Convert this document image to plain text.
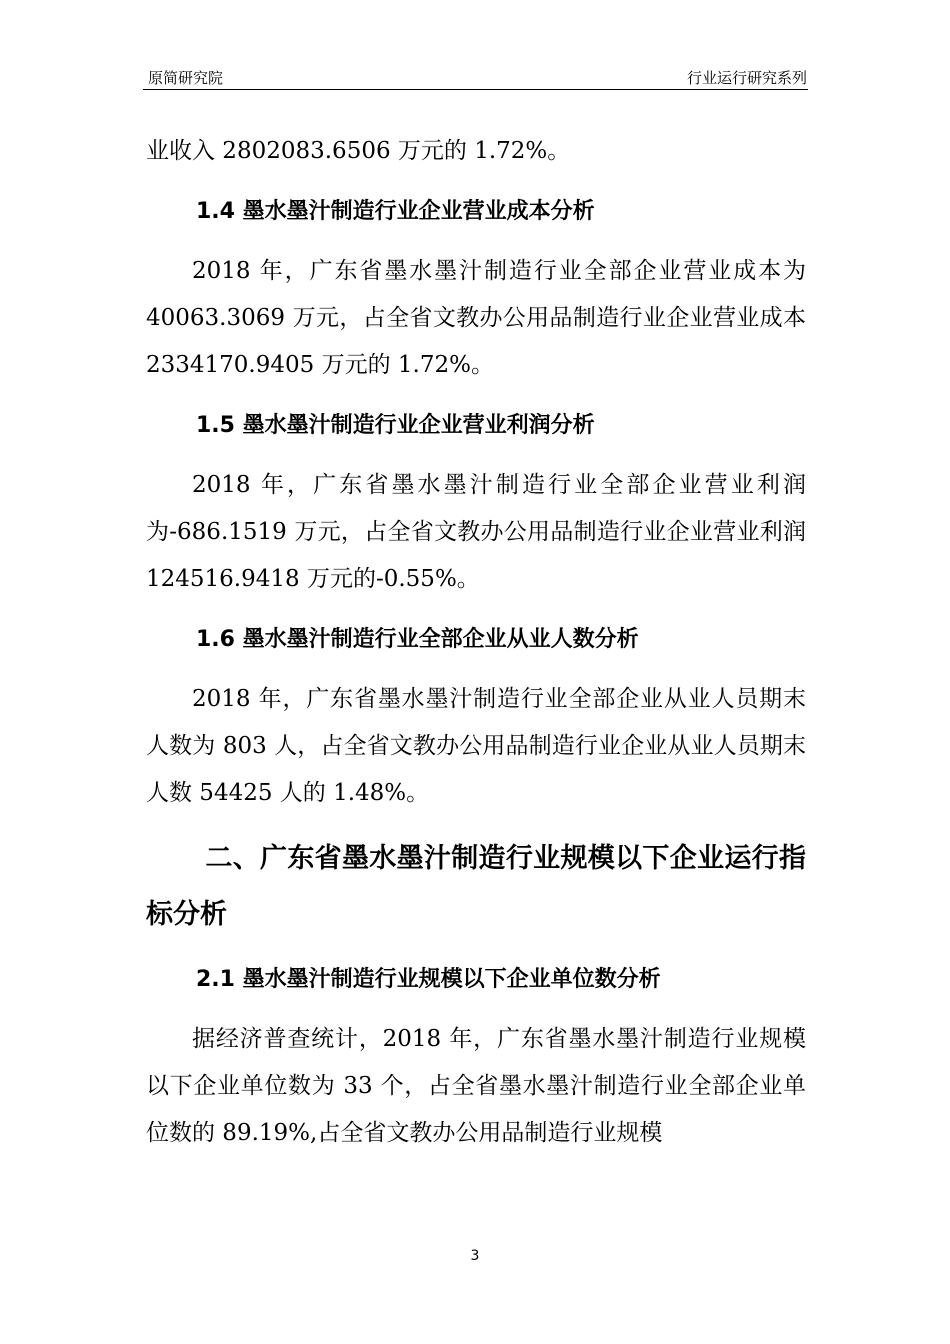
原简研究院	行业运行研究系列

业收入 2802083.6506 万元的 1.72%。

1.4 墨水墨汁制造行业企业营业成本分析

2018 年，广东省墨水墨汁制造行业全部企业营业成本为 40063.3069 万元，占全省文教办公用品制造行业企业营业成本 2334170.9405 万元的 1.72%。

1.5 墨水墨汁制造行业企业营业利润分析

2018 年，广东省墨水墨汁制造行业全部企业营业利润为-686.1519 万元，占全省文教办公用品制造行业企业营业利润 124516.9418 万元的-0.55%。

1.6 墨水墨汁制造行业全部企业从业人数分析

2018 年，广东省墨水墨汁制造行业全部企业从业人员期末人数为 803 人，占全省文教办公用品制造行业企业从业人员期末人数 54425 人的 1.48%。

二、广东省墨水墨汁制造行业规模以下企业运行指标分析

2.1 墨水墨汁制造行业规模以下企业单位数分析

据经济普查统计，2018 年，广东省墨水墨汁制造行业规模以下企业单位数为 33 个，占全省墨水墨汁制造行业全部企业单位数的 89.19%,占全省文教办公用品制造行业规模

3
